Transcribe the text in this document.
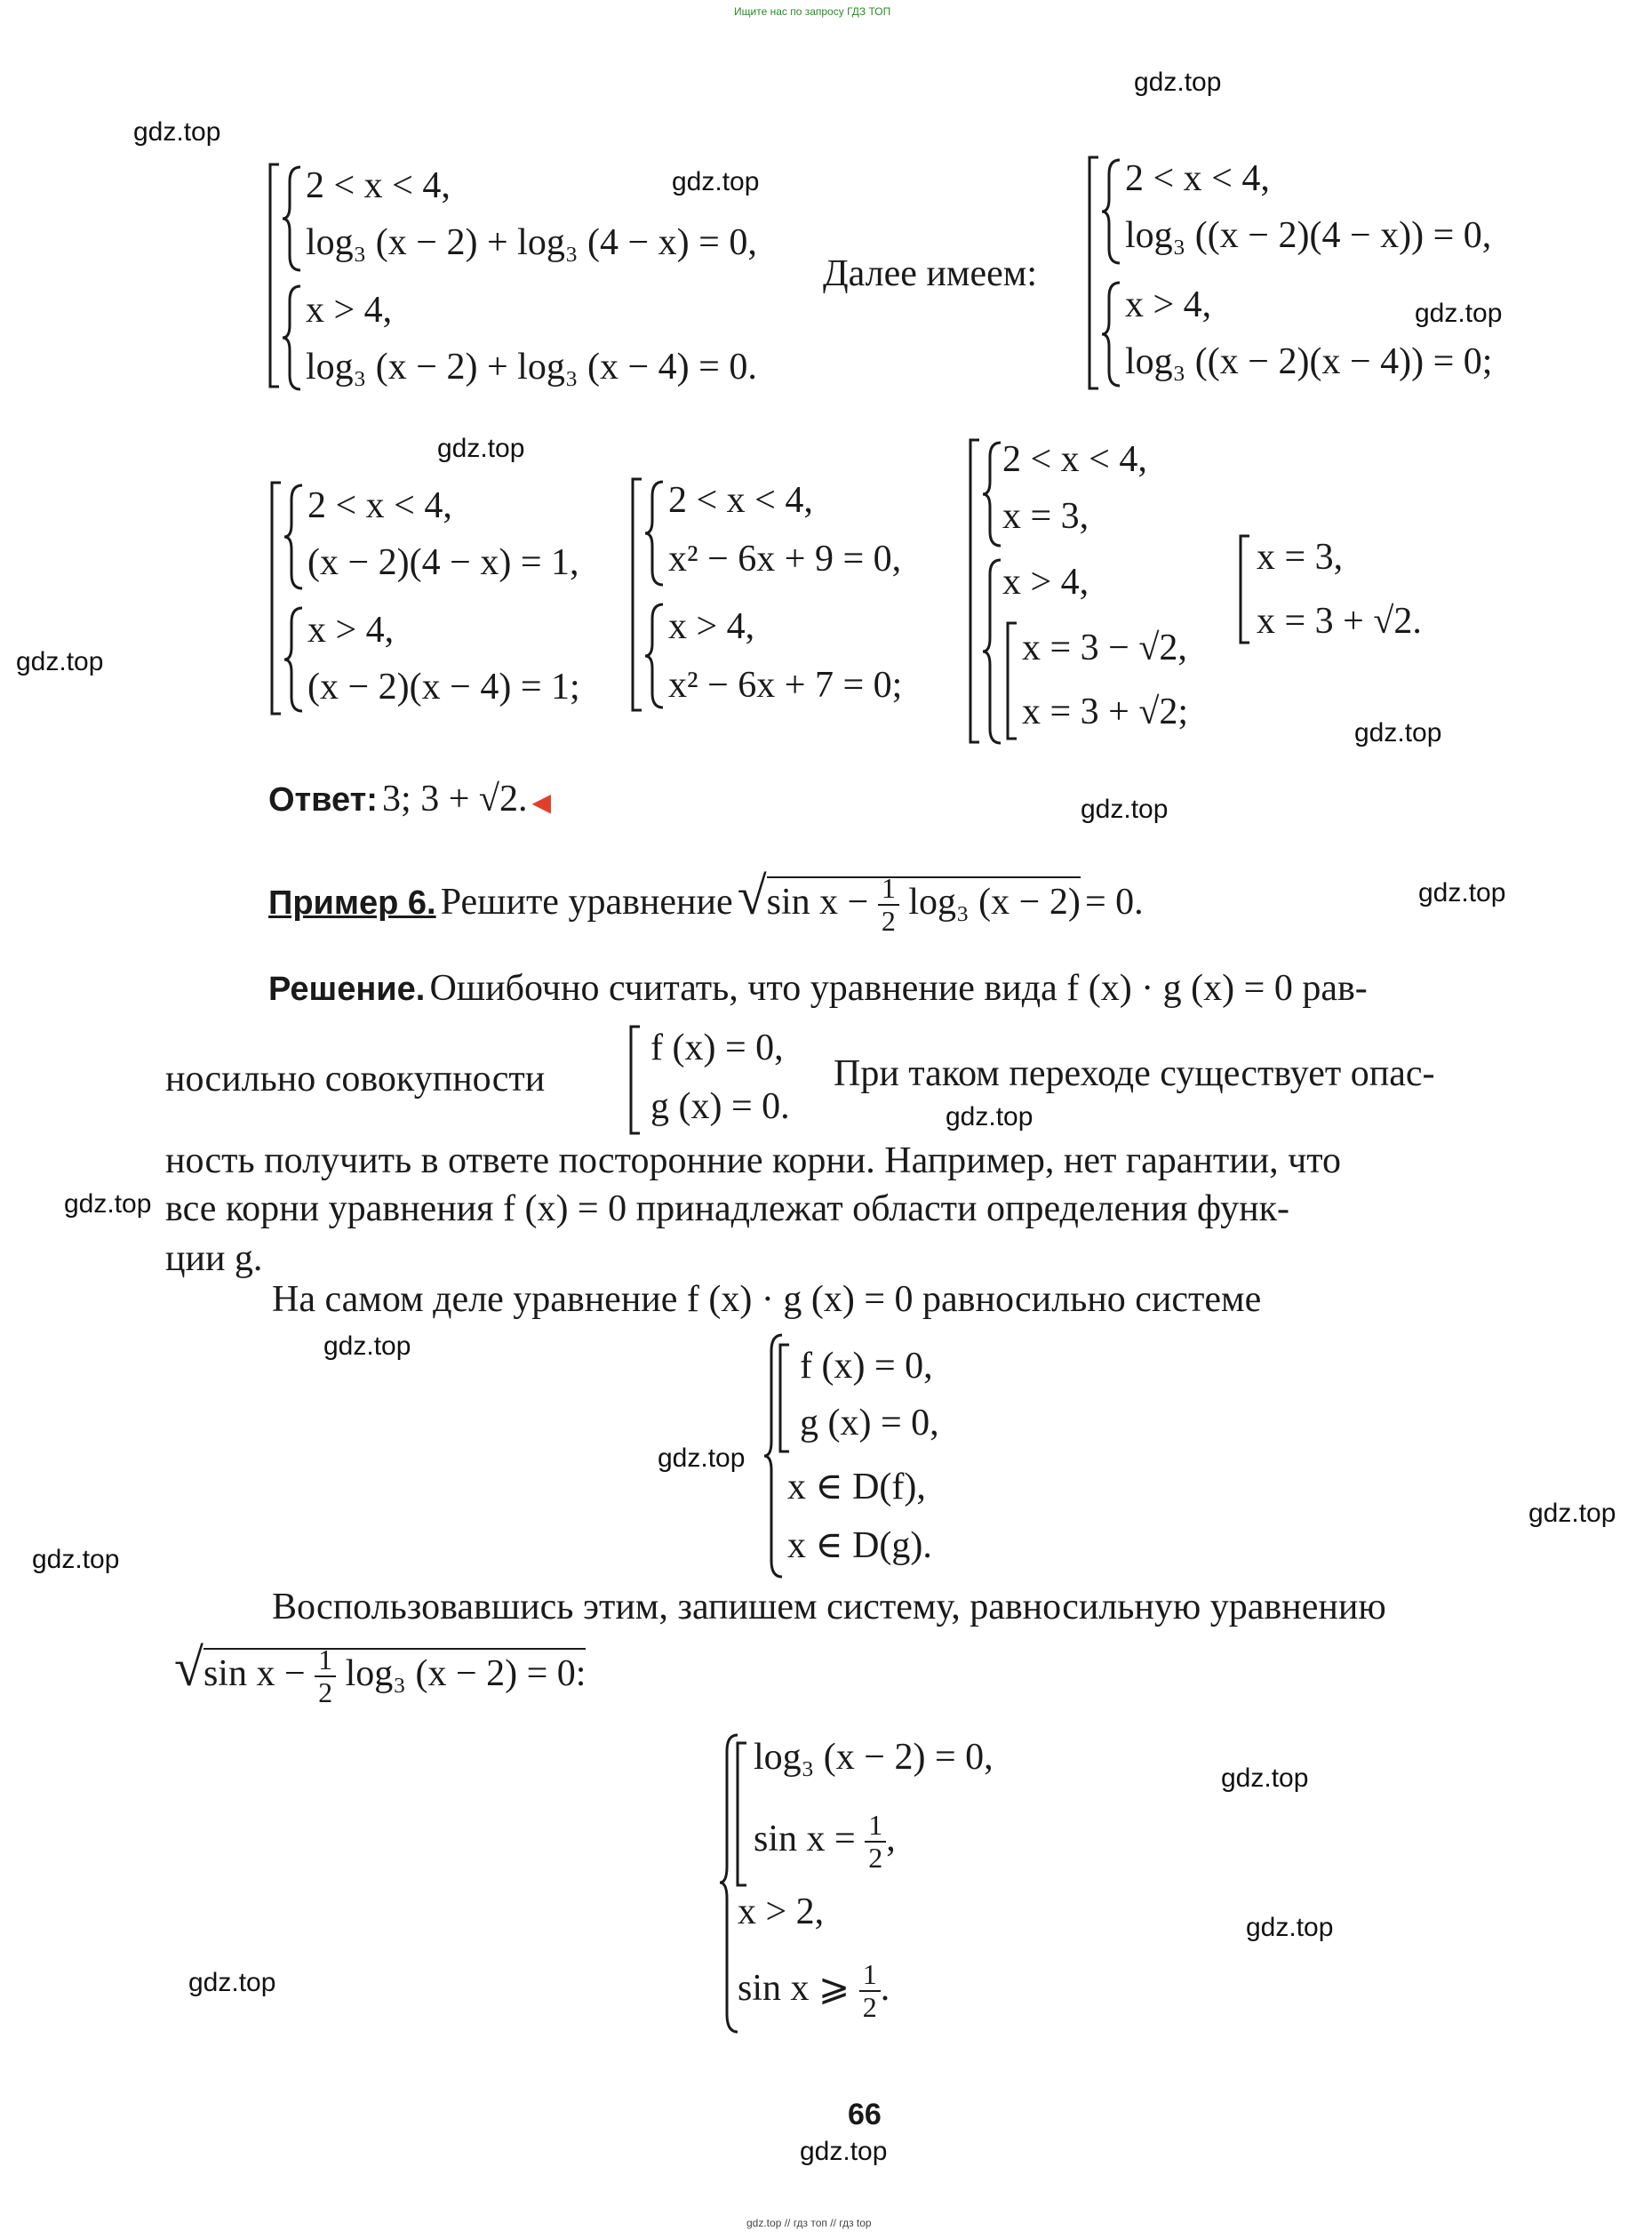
Ищите нас по запросу ГДЗ ТОП
gdz.top
gdz.top
gdz.top
gdz.top
gdz.top
gdz.top
gdz.top
gdz.top
gdz.top
gdz.top
gdz.top
gdz.top
gdz.top
gdz.top
gdz.top
gdz.top
gdz.top
gdz.top
2 < x < 4,
log₃ (x − 2) + log₃ (4 − x) = 0,
x > 4,
log₃ (x − 2) + log₃ (x − 4) = 0.
Далее имеем:
2 < x < 4,
log₃ ((x − 2)(4 − x)) = 0,
x > 4,
log₃ ((x − 2)(x − 4)) = 0;
2 < x < 4,
(x − 2)(4 − x) = 1,
x > 4,
(x − 2)(x − 4) = 1;
2 < x < 4,
x² − 6x + 9 = 0,
x > 4,
x² − 6x + 7 = 0;
2 < x < 4,
x = 3,
x > 4,
x = 3 − √2,
x = 3 + √2;
x = 3,
x = 3 + √2.
Ответ: 3; 3 + √2. ◀
Пример 6. Решите уравнение √sin $x - \frac{1}{2} \log_3$ (x − 2) = 0.
Решение. Ошибочно считать, что уравнение вида f (x) · g (x) = 0 рав-
носильно совокупности
f (x) = 0,
g (x) = 0.
При таком переходе существует опас-
ность получить в ответе посторонние корни. Например, нет гарантии, что
все корни уравнения f (x) = 0 принадлежат области определения функ-
ции g.
На самом деле уравнение f (x) · g (x) = 0 равносильно системе
f (x) = 0,
g (x) = 0,
x ∈ D(f),
x ∈ D(g).
Воспользовавшись этим, запишем систему, равносильную уравнению
√sin $x - \frac{1}{2} \log_3$ (x − 2) = 0:
log₃ (x − 2) = 0,
$\sin x = \frac{1}{2}$ ,
x > 2,
sin x ⩾ $\frac{1}{2}$ .
66
gdz.top
gdz.top // гдз топ // гдз top
